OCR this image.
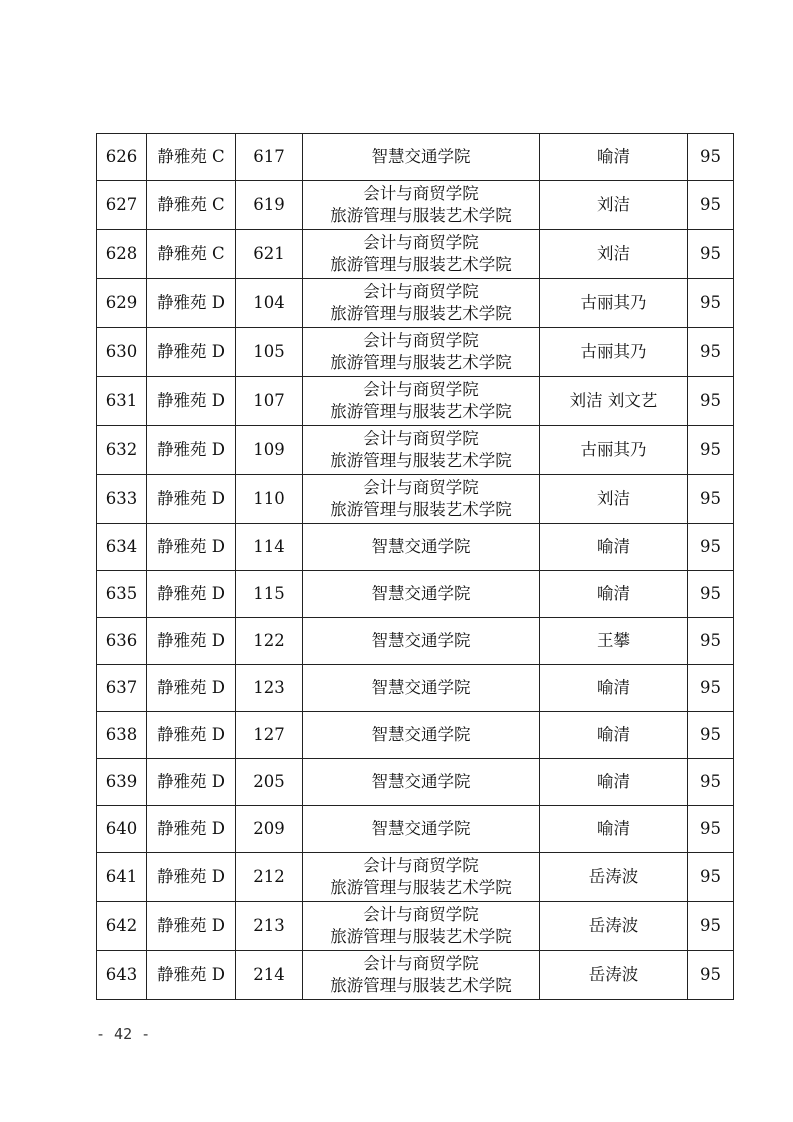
626	静雅苑 C	617	智慧交通学院	喻清	95
627	静雅苑 C	619	会计与商贸学院
旅游管理与服装艺术学院	刘洁	95
628	静雅苑 C	621	会计与商贸学院
旅游管理与服装艺术学院	刘洁	95
629	静雅苑 D	104	会计与商贸学院
旅游管理与服装艺术学院	古丽其乃	95
630	静雅苑 D	105	会计与商贸学院
旅游管理与服装艺术学院	古丽其乃	95
631	静雅苑 D	107	会计与商贸学院
旅游管理与服装艺术学院	刘洁 刘文艺	95
632	静雅苑 D	109	会计与商贸学院
旅游管理与服装艺术学院	古丽其乃	95
633	静雅苑 D	110	会计与商贸学院
旅游管理与服装艺术学院	刘洁	95
634	静雅苑 D	114	智慧交通学院	喻清	95
635	静雅苑 D	115	智慧交通学院	喻清	95
636	静雅苑 D	122	智慧交通学院	王攀	95
637	静雅苑 D	123	智慧交通学院	喻清	95
638	静雅苑 D	127	智慧交通学院	喻清	95
639	静雅苑 D	205	智慧交通学院	喻清	95
640	静雅苑 D	209	智慧交通学院	喻清	95
641	静雅苑 D	212	会计与商贸学院
旅游管理与服装艺术学院	岳涛波	95
642	静雅苑 D	213	会计与商贸学院
旅游管理与服装艺术学院	岳涛波	95
643	静雅苑 D	214	会计与商贸学院
旅游管理与服装艺术学院	岳涛波	95
- 42 -
